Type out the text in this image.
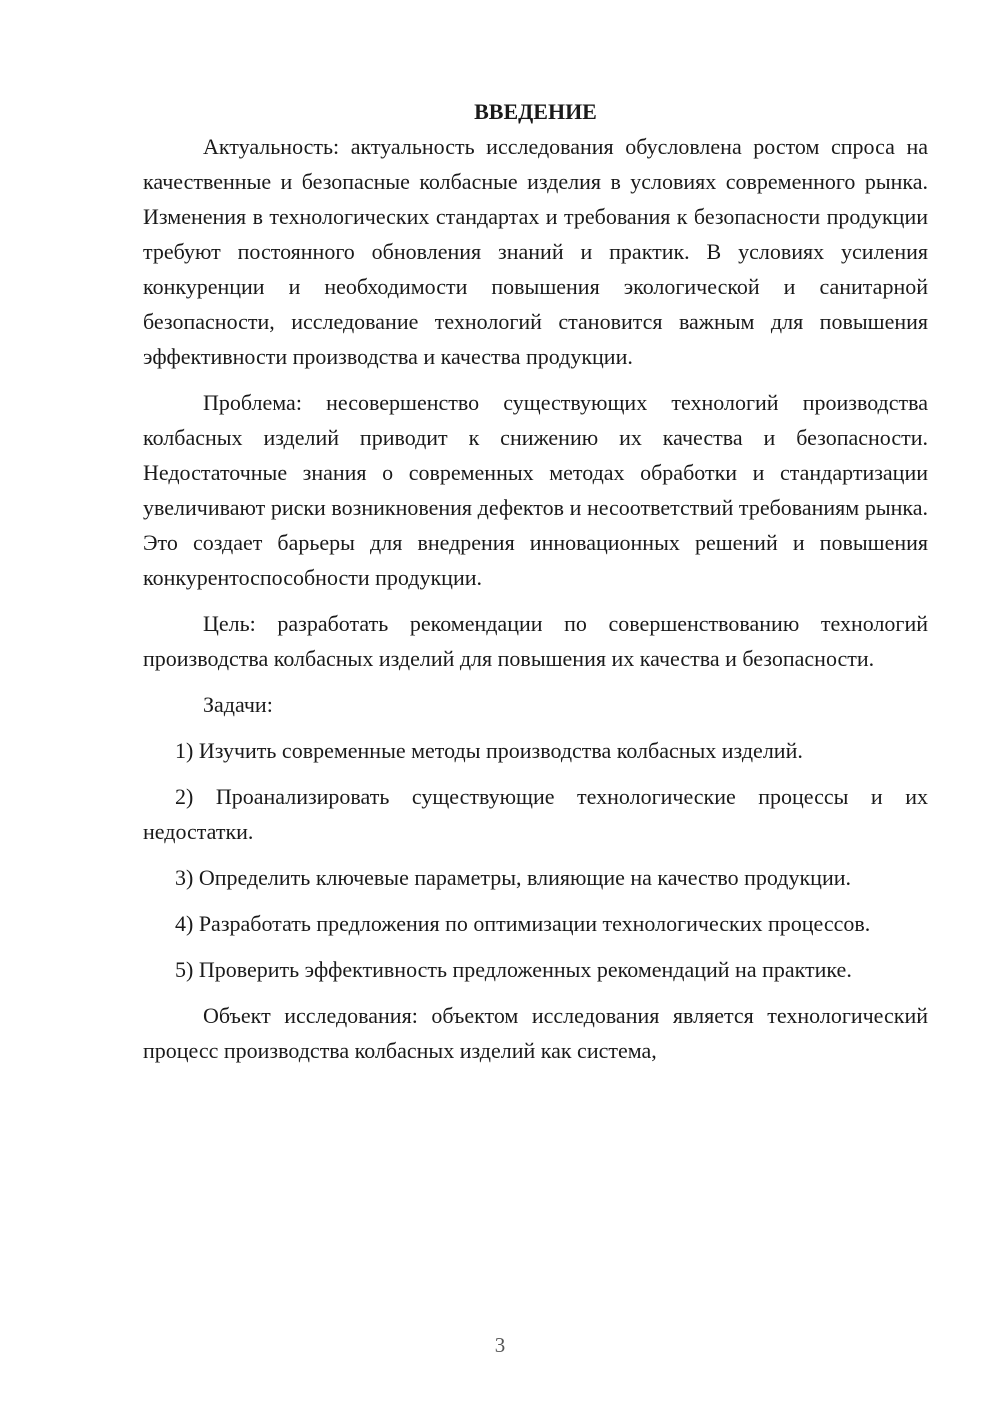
ВВЕДЕНИЕ

Актуальность: актуальность исследования обусловлена ростом спроса на качественные и безопасные колбасные изделия в условиях современного рынка. Изменения в технологических стандартах и требования к безопасности продукции требуют постоянного обновления знаний и практик. В условиях усиления конкуренции и необходимости повышения экологической и санитарной безопасности, исследование технологий становится важным для повышения эффективности производства и качества продукции.

Проблема: несовершенство существующих технологий производства колбасных изделий приводит к снижению их качества и безопасности. Недостаточные знания о современных методах обработки и стандартизации увеличивают риски возникновения дефектов и несоответствий требованиям рынка. Это создает барьеры для внедрения инновационных решений и повышения конкурентоспособности продукции.

Цель: разработать рекомендации по совершенствованию технологий производства колбасных изделий для повышения их качества и безопасности.

Задачи:

1) Изучить современные методы производства колбасных изделий.

2) Проанализировать существующие технологические процессы и их недостатки.

3) Определить ключевые параметры, влияющие на качество продукции.

4) Разработать предложения по оптимизации технологических процессов.

5) Проверить эффективность предложенных рекомендаций на практике.

Объект исследования: объектом исследования является технологический процесс производства колбасных изделий как система,

3
